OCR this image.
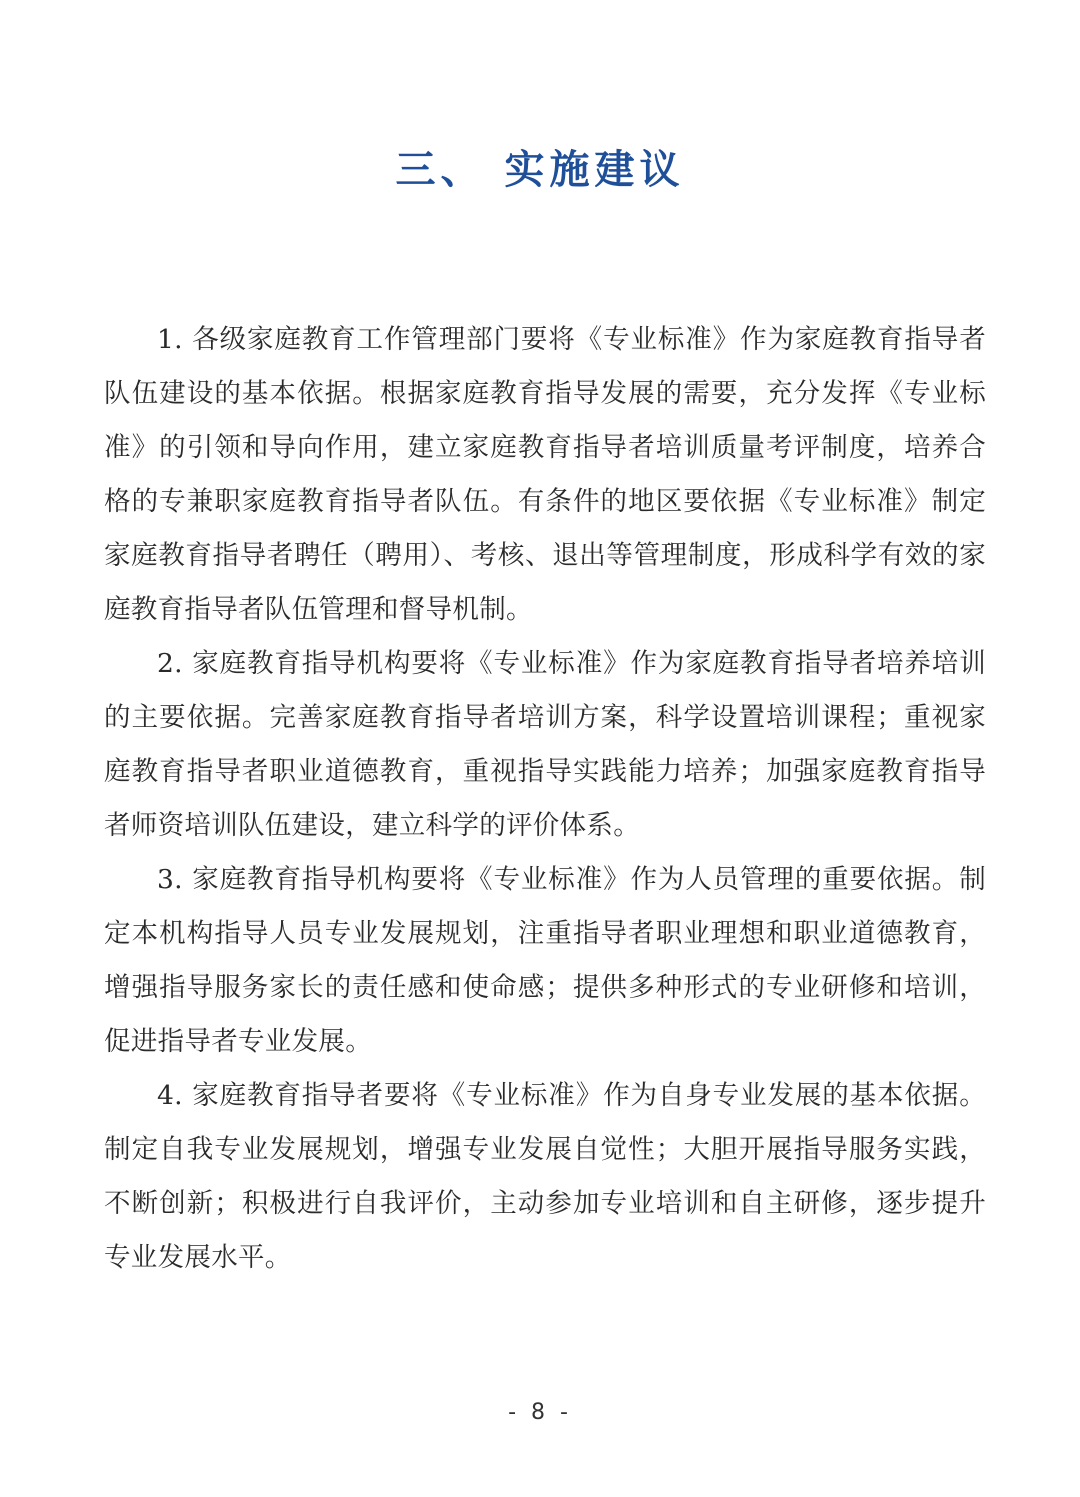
三、 实施建议

1. 各级家庭教育工作管理部门要将《专业标准》作为家庭教育指导者队伍建设的基本依据。根据家庭教育指导发展的需要，充分发挥《专业标准》的引领和导向作用，建立家庭教育指导者培训质量考评制度，培养合格的专兼职家庭教育指导者队伍。有条件的地区要依据《专业标准》制定家庭教育指导者聘任（聘用）、考核、退出等管理制度，形成科学有效的家庭教育指导者队伍管理和督导机制。

2. 家庭教育指导机构要将《专业标准》作为家庭教育指导者培养培训的主要依据。完善家庭教育指导者培训方案，科学设置培训课程；重视家庭教育指导者职业道德教育，重视指导实践能力培养；加强家庭教育指导者师资培训队伍建设，建立科学的评价体系。

3. 家庭教育指导机构要将《专业标准》作为人员管理的重要依据。制定本机构指导人员专业发展规划，注重指导者职业理想和职业道德教育，增强指导服务家长的责任感和使命感；提供多种形式的专业研修和培训，促进指导者专业发展。

4. 家庭教育指导者要将《专业标准》作为自身专业发展的基本依据。制定自我专业发展规划，增强专业发展自觉性；大胆开展指导服务实践，不断创新；积极进行自我评价，主动参加专业培训和自主研修，逐步提升专业发展水平。

- 8 -
